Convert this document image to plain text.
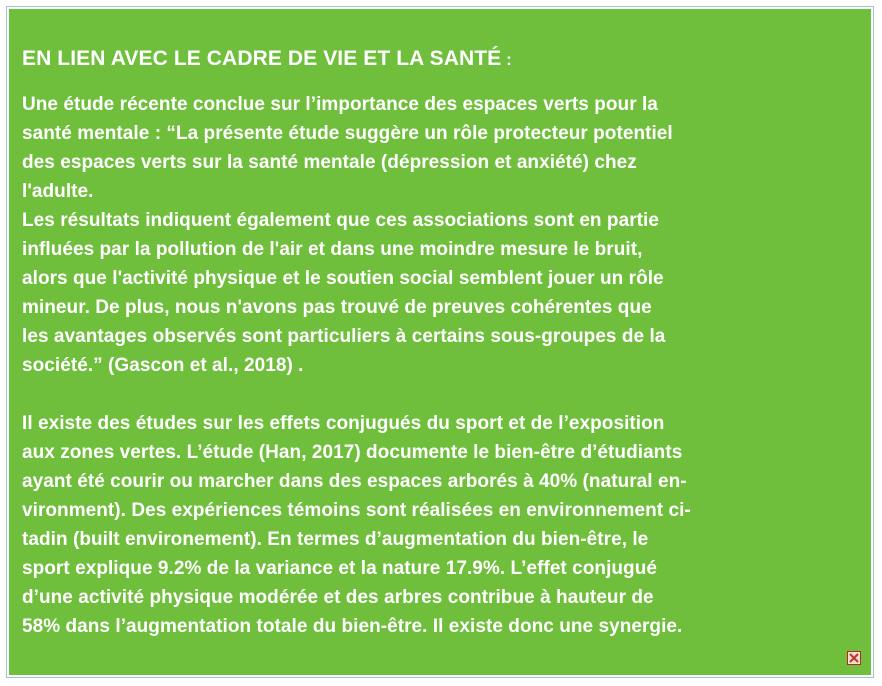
EN LIEN AVEC LE CADRE DE VIE ET LA SANTÉ :

Une étude récente conclue sur l’importance des espaces verts pour la
santé mentale : “La présente étude suggère un rôle protecteur potentiel
des espaces verts sur la santé mentale (dépression et anxiété) chez
l'adulte.
Les résultats indiquent également que ces associations sont en partie
influées par la pollution de l'air et dans une moindre mesure le bruit,
alors que l'activité physique et le soutien social semblent jouer un rôle
mineur. De plus, nous n'avons pas trouvé de preuves cohérentes que
les avantages observés sont particuliers à certains sous-groupes de la
société.” (Gascon et al., 2018) .

Il existe des études sur les effets conjugués du sport et de l’exposition
aux zones vertes. L’étude (Han, 2017) documente le bien-être d’étudiants
ayant été courir ou marcher dans des espaces arborés à 40% (natural en-
vironment). Des expériences témoins sont réalisées en environnement ci-
tadin (built environement). En termes d’augmentation du bien-être, le
sport explique 9.2% de la variance et la nature 17.9%. L’effet conjugué
d’une activité physique modérée et des arbres contribue à hauteur de
58% dans l’augmentation totale du bien-être. Il existe donc une synergie.
